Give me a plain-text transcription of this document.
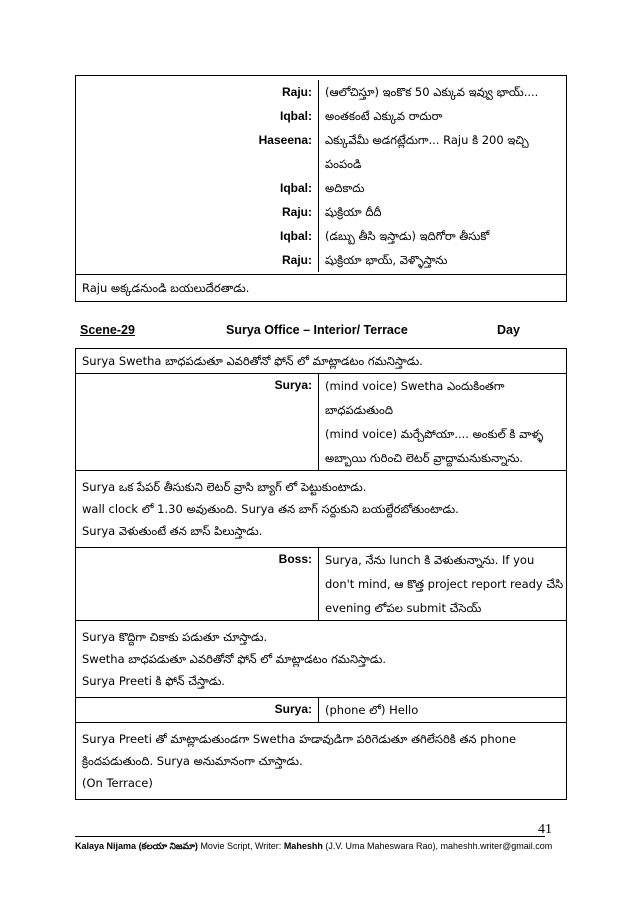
Raju:	(ఆలోచిస్తూ) ఇంకొక 50 ఎక్కువ ఇవ్వు భాయ్....
Iqbal:	అంతకంటే ఎక్కువ రాదురా
Haseena:	ఎక్కువేమీ అడగట్లేదుగా... Raju కి 200 ఇచ్చి
పంపండి
Iqbal:	అదికాదు
Raju:	షుక్రియా దీదీ
Iqbal:	(డబ్బు తీసి ఇస్తాడు) ఇదిగోరా తీసుకో
Raju:	షుక్రియా భాయ్, వెళ్ళొస్తాను
Raju అక్కడనుండి బయలుదేరతాడు.
Scene-29	Surya Office – Interior/ Terrace	Day
Surya Swetha బాధపడుతూ ఎవరితోనో ఫోన్ లో మాట్లాడటం గమనిస్తాడు.
Surya:	(mind voice) Swetha ఎందుకింతగా
బాధపడుతుంది
(mind voice) మర్చేపోయా.... అంకుల్ కి వాళ్ళ
అబ్బాయి గురించి లెటర్ వ్రాద్దామనుకున్నాను.
Surya ఒక పేపర్ తీసుకుని లెటర్ వ్రాసి బ్యాగ్ లో పెట్టుకుంటాడు.
wall clock లో 1.30 అవుతుంది. Surya తన బాగ్ సర్దుకుని బయల్దేరబోతుంటాడు.
Surya వెళుతుంటే తన బాస్ పిలుస్తాడు.
Boss:	Surya, నేను lunch కి వెళుతున్నాను. If you
don't mind, ఆ కొత్త project report ready చేసి
evening లోపల submit చేసెయ్
Surya కొద్దిగా చికాకు పడుతూ చూస్తాడు.
Swetha బాధపడుతూ ఎవరితోనో ఫోన్ లో మాట్లాడటం గమనిస్తాడు.
Surya Preeti కి ఫోన్ చేస్తాడు.
Surya:	(phone లో) Hello
Surya Preeti తో మాట్లాడుతుండగా Swetha హడావుడిగా పరిగెడుతూ తగిలేసరికి తన phone
క్రిందపడుతుంది. Surya అనుమానంగా చూస్తాడు.
(On Terrace)
41
Kalaya Nijama (కలయా నిజమా) Movie Script, Writer: Maheshh (J.V. Uma Maheswara Rao), maheshh.writer@gmail.com
